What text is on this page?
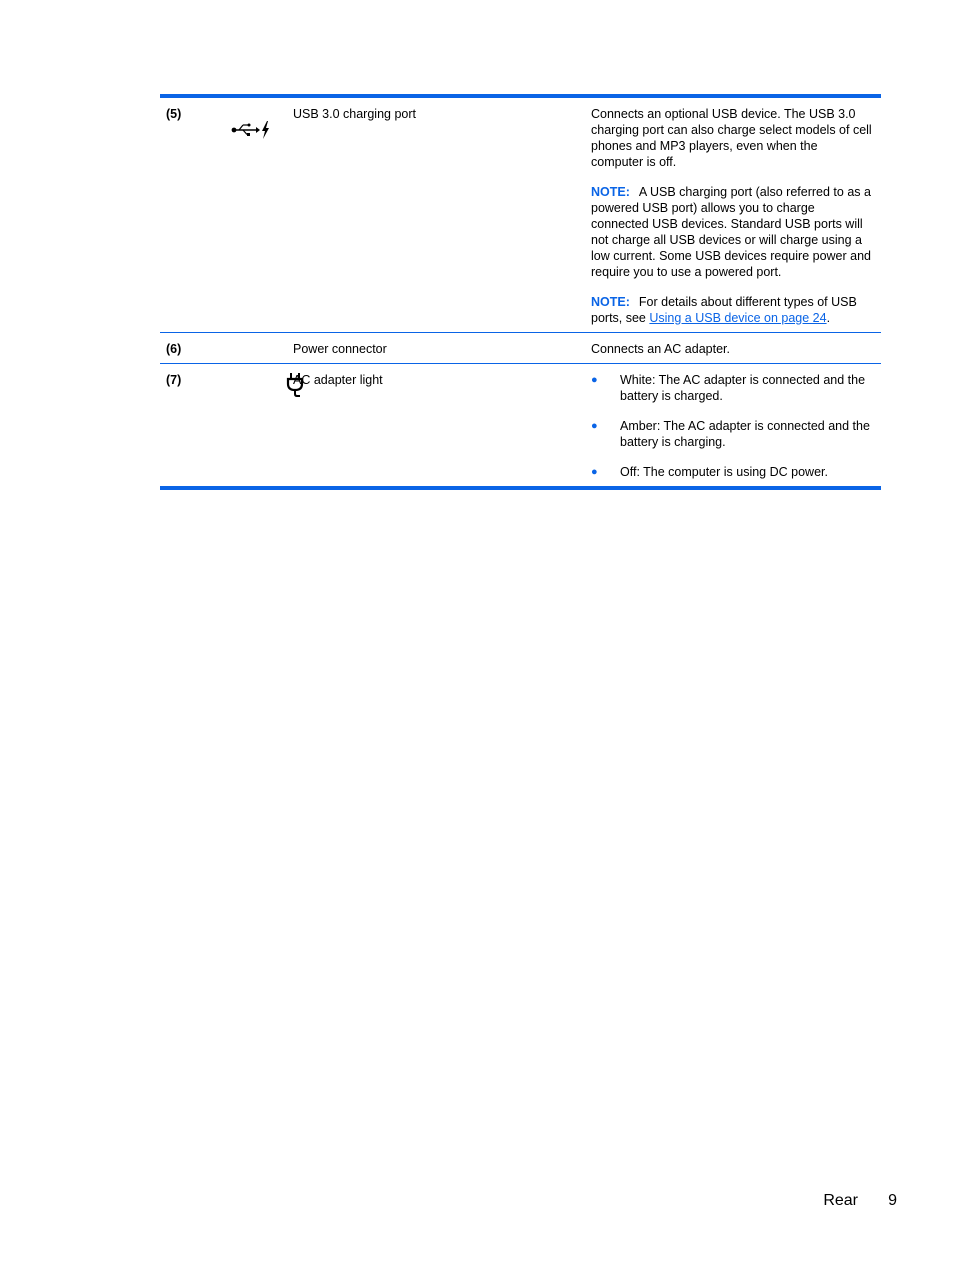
(5)	USB 3.0 charging port	Connects an optional USB device. The USB 3.0 charging port can also charge select models of cell phones and MP3 players, even when the computer is off.

NOTE: A USB charging port (also referred to as a powered USB port) allows you to charge connected USB devices. Standard USB ports will not charge all USB devices or will charge using a low current. Some USB devices require power and require you to use a powered port.

NOTE: For details about different types of USB ports, see Using a USB device on page 24.

(6)	Power connector	Connects an AC adapter.

(7)	AC adapter light	● White: The AC adapter is connected and the battery is charged.
● Amber: The AC adapter is connected and the battery is charging.
● Off: The computer is using DC power.
Rear 9
